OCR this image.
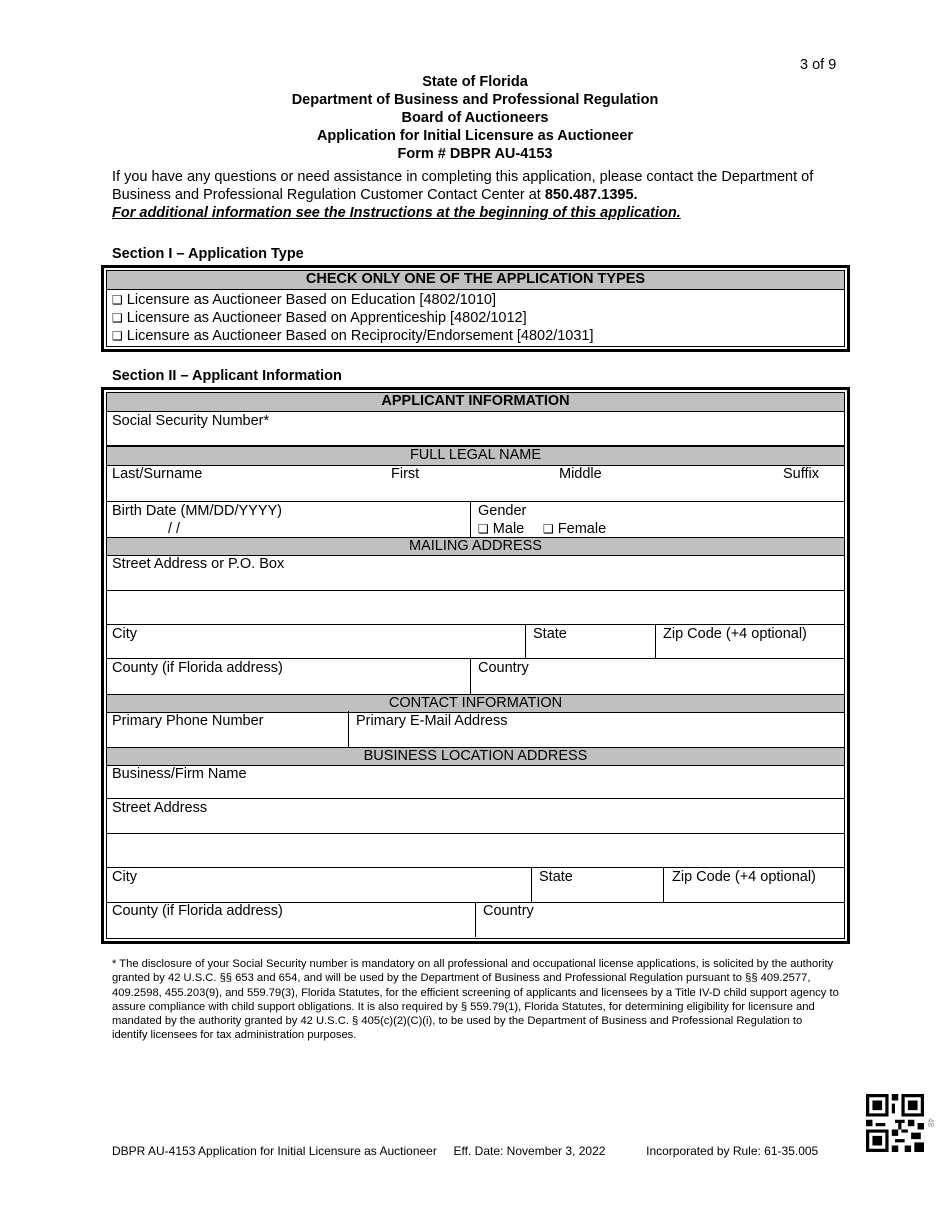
3 of 9
State of Florida
Department of Business and Professional Regulation
Board of Auctioneers
Application for Initial Licensure as Auctioneer
Form # DBPR AU-4153
If you have any questions or need assistance in completing this application, please contact the Department of Business and Professional Regulation Customer Contact Center at 850.487.1395.
For additional information see the Instructions at the beginning of this application.
Section I – Application Type
CHECK ONLY ONE OF THE APPLICATION TYPES
❑ Licensure as Auctioneer Based on Education [4802/1010]
❑ Licensure as Auctioneer Based on Apprenticeship [4802/1012]
❑ Licensure as Auctioneer Based on Reciprocity/Endorsement [4802/1031]
Section II – Applicant Information
APPLICANT INFORMATION
Social Security Number*
FULL LEGAL NAME
Last/Surname	First	Middle	Suffix
Birth Date (MM/DD/YYYY)
/ /
Gender
❑ Male ❑ Female
MAILING ADDRESS
Street Address or P.O. Box
City	State	Zip Code (+4 optional)
County (if Florida address)	Country
CONTACT INFORMATION
Primary Phone Number	Primary E-Mail Address
BUSINESS LOCATION ADDRESS
Business/Firm Name
Street Address
City	State	Zip Code (+4 optional)
County (if Florida address)	Country
* The disclosure of your Social Security number is mandatory on all professional and occupational license applications, is solicited by the authority granted by 42 U.S.C. §§ 653 and 654, and will be used by the Department of Business and Professional Regulation pursuant to §§ 409.2577, 409.2598, 455.203(9), and 559.79(3), Florida Statutes, for the efficient screening of applicants and licensees by a Title IV-D child support agency to assure compliance with child support obligations. It is also required by § 559.79(1), Florida Statutes, for determining eligibility for licensure and mandated by the authority granted by 42 U.S.C. § 405(c)(2)(C)(i), to be used by the Department of Business and Professional Regulation to identify licensees for tax administration purposes.
DBPR AU-4153 Application for Initial Licensure as Auctioneer Eff. Date: November 3, 2022	Incorporated by Rule: 61-35.005
48
